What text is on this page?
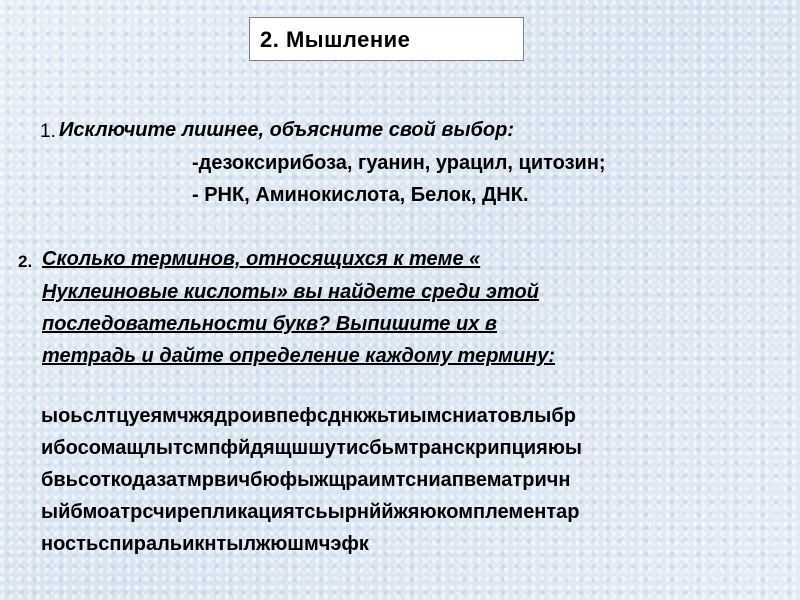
2. Мышление
1. Исключите лишнее, объясните свой выбор:
-дезоксирибоза, гуанин, урацил, цитозин;
- РНК, Аминокислота, Белок, ДНК.
2. Сколько терминов, относящихся к теме «
Нуклеиновые кислоты» вы найдете среди этой
последовательности букв? Выпишите их в
тетрадь и дайте определение каждому термину:
ыоьслтцуеямчжядроивпефсднкжьтиымсниатовлыбр
ибосомащлытсмпфйдящшшутисбьмтранскрипцияюы
бвьсоткодазатмрвичбюфыжщраимтсниапвематричн
ыйбмоатрсчирепликациятсьырнййжяюкомплементар
ностьспиральикнтылжюшмчэфк
